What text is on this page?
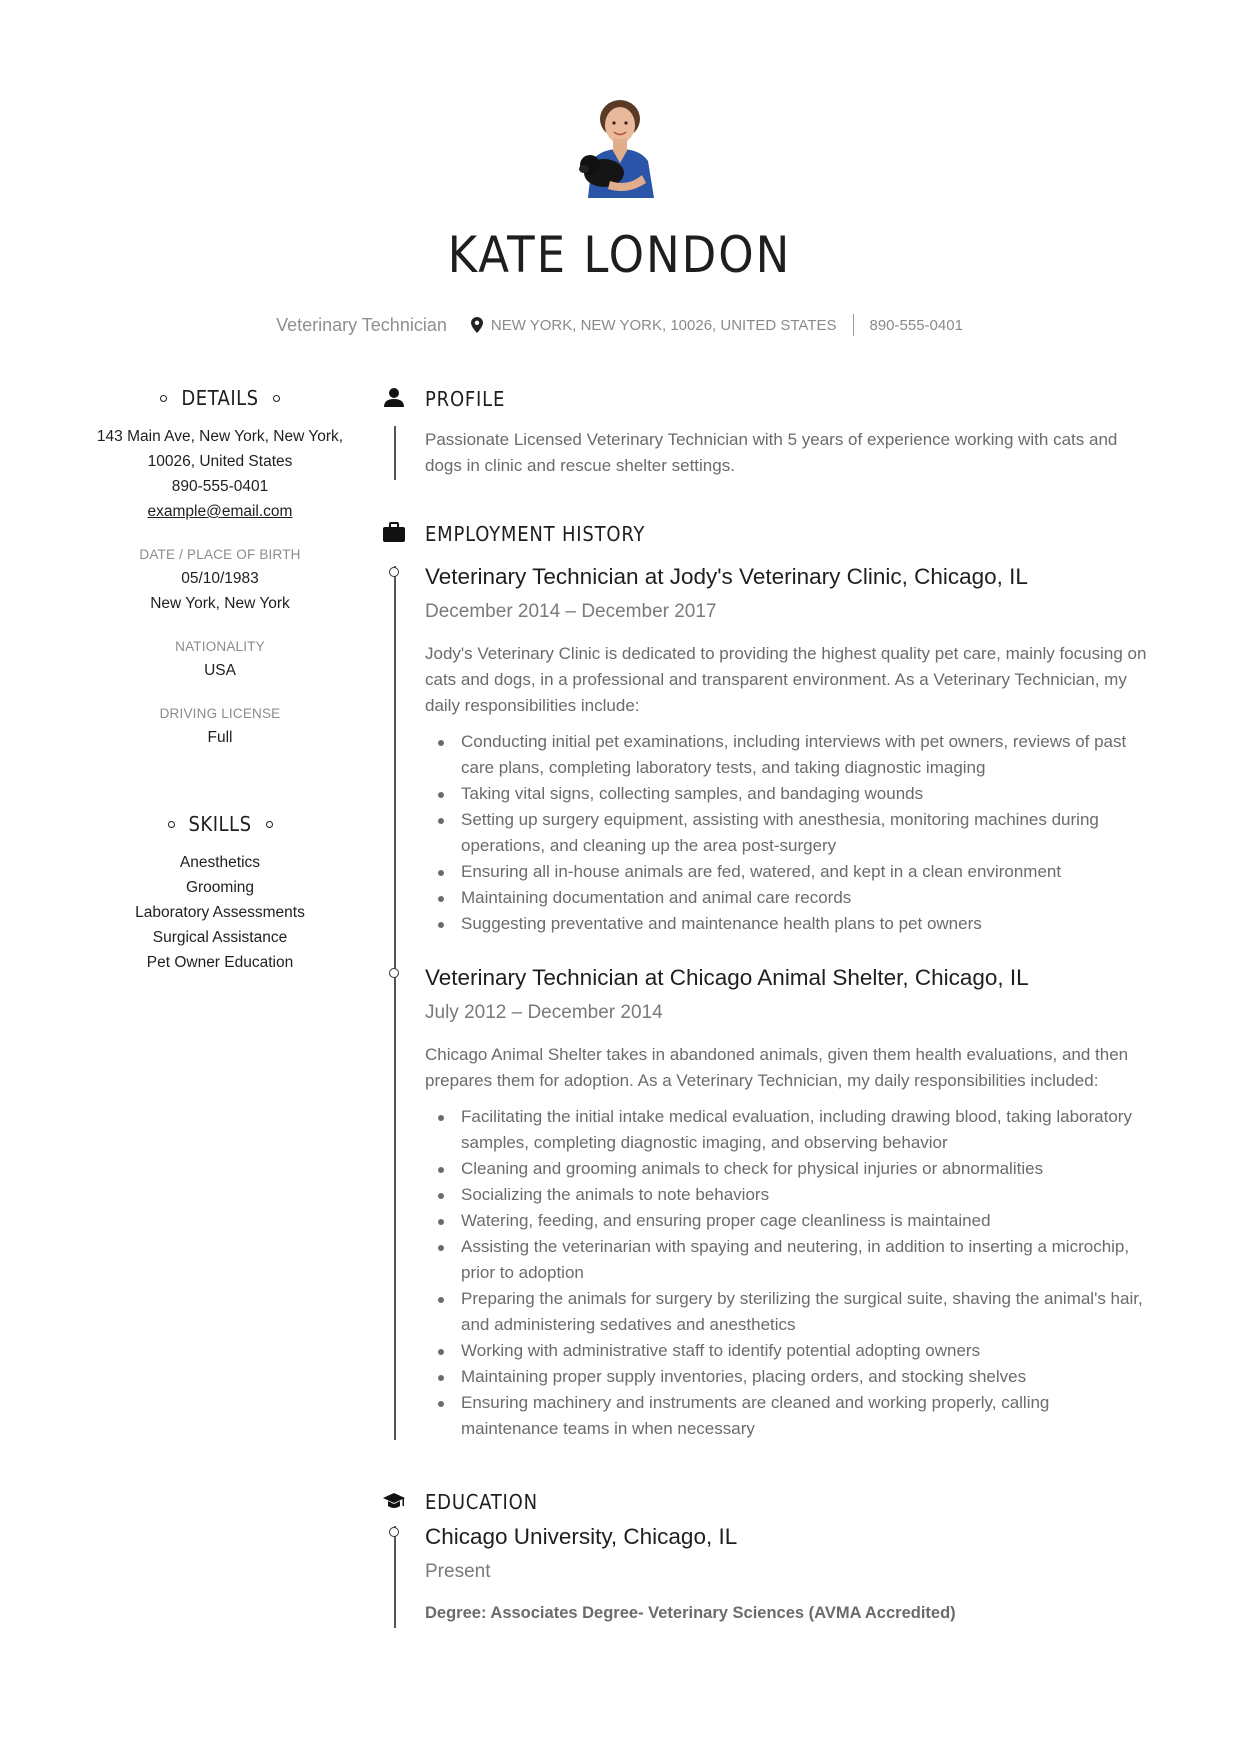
KATE LONDON
Veterinary Technician	NEW YORK, NEW YORK, 10026, UNITED STATES 890-555-0401
DETAILS
143 Main Ave, New York, New York,
10026, United States
890-555-0401
example@email.com
DATE / PLACE OF BIRTH
05/10/1983
New York, New York
NATIONALITY
USA
DRIVING LICENSE
Full
SKILLS
Anesthetics
Grooming
Laboratory Assessments
Surgical Assistance
Pet Owner Education
PROFILE
Passionate Licensed Veterinary Technician with 5 years of experience working with cats and dogs in clinic and rescue shelter settings.
EMPLOYMENT HISTORY
Veterinary Technician at Jody's Veterinary Clinic, Chicago, IL
December 2014 – December 2017
Jody's Veterinary Clinic is dedicated to providing the highest quality pet care, mainly focusing on cats and dogs, in a professional and transparent environment. As a Veterinary Technician, my daily responsibilities include:
Conducting initial pet examinations, including interviews with pet owners, reviews of past care plans, completing laboratory tests, and taking diagnostic imaging
Taking vital signs, collecting samples, and bandaging wounds
Setting up surgery equipment, assisting with anesthesia, monitoring machines during operations, and cleaning up the area post-surgery
Ensuring all in-house animals are fed, watered, and kept in a clean environment
Maintaining documentation and animal care records
Suggesting preventative and maintenance health plans to pet owners
Veterinary Technician at Chicago Animal Shelter, Chicago, IL
July 2012 – December 2014
Chicago Animal Shelter takes in abandoned animals, given them health evaluations, and then prepares them for adoption. As a Veterinary Technician, my daily responsibilities included:
Facilitating the initial intake medical evaluation, including drawing blood, taking laboratory samples, completing diagnostic imaging, and observing behavior
Cleaning and grooming animals to check for physical injuries or abnormalities
Socializing the animals to note behaviors
Watering, feeding, and ensuring proper cage cleanliness is maintained
Assisting the veterinarian with spaying and neutering, in addition to inserting a microchip, prior to adoption
Preparing the animals for surgery by sterilizing the surgical suite, shaving the animal's hair, and administering sedatives and anesthetics
Working with administrative staff to identify potential adopting owners
Maintaining proper supply inventories, placing orders, and stocking shelves
Ensuring machinery and instruments are cleaned and working properly, calling maintenance teams in when necessary
EDUCATION
Chicago University, Chicago, IL
Present
Degree: Associates Degree- Veterinary Sciences (AVMA Accredited)
